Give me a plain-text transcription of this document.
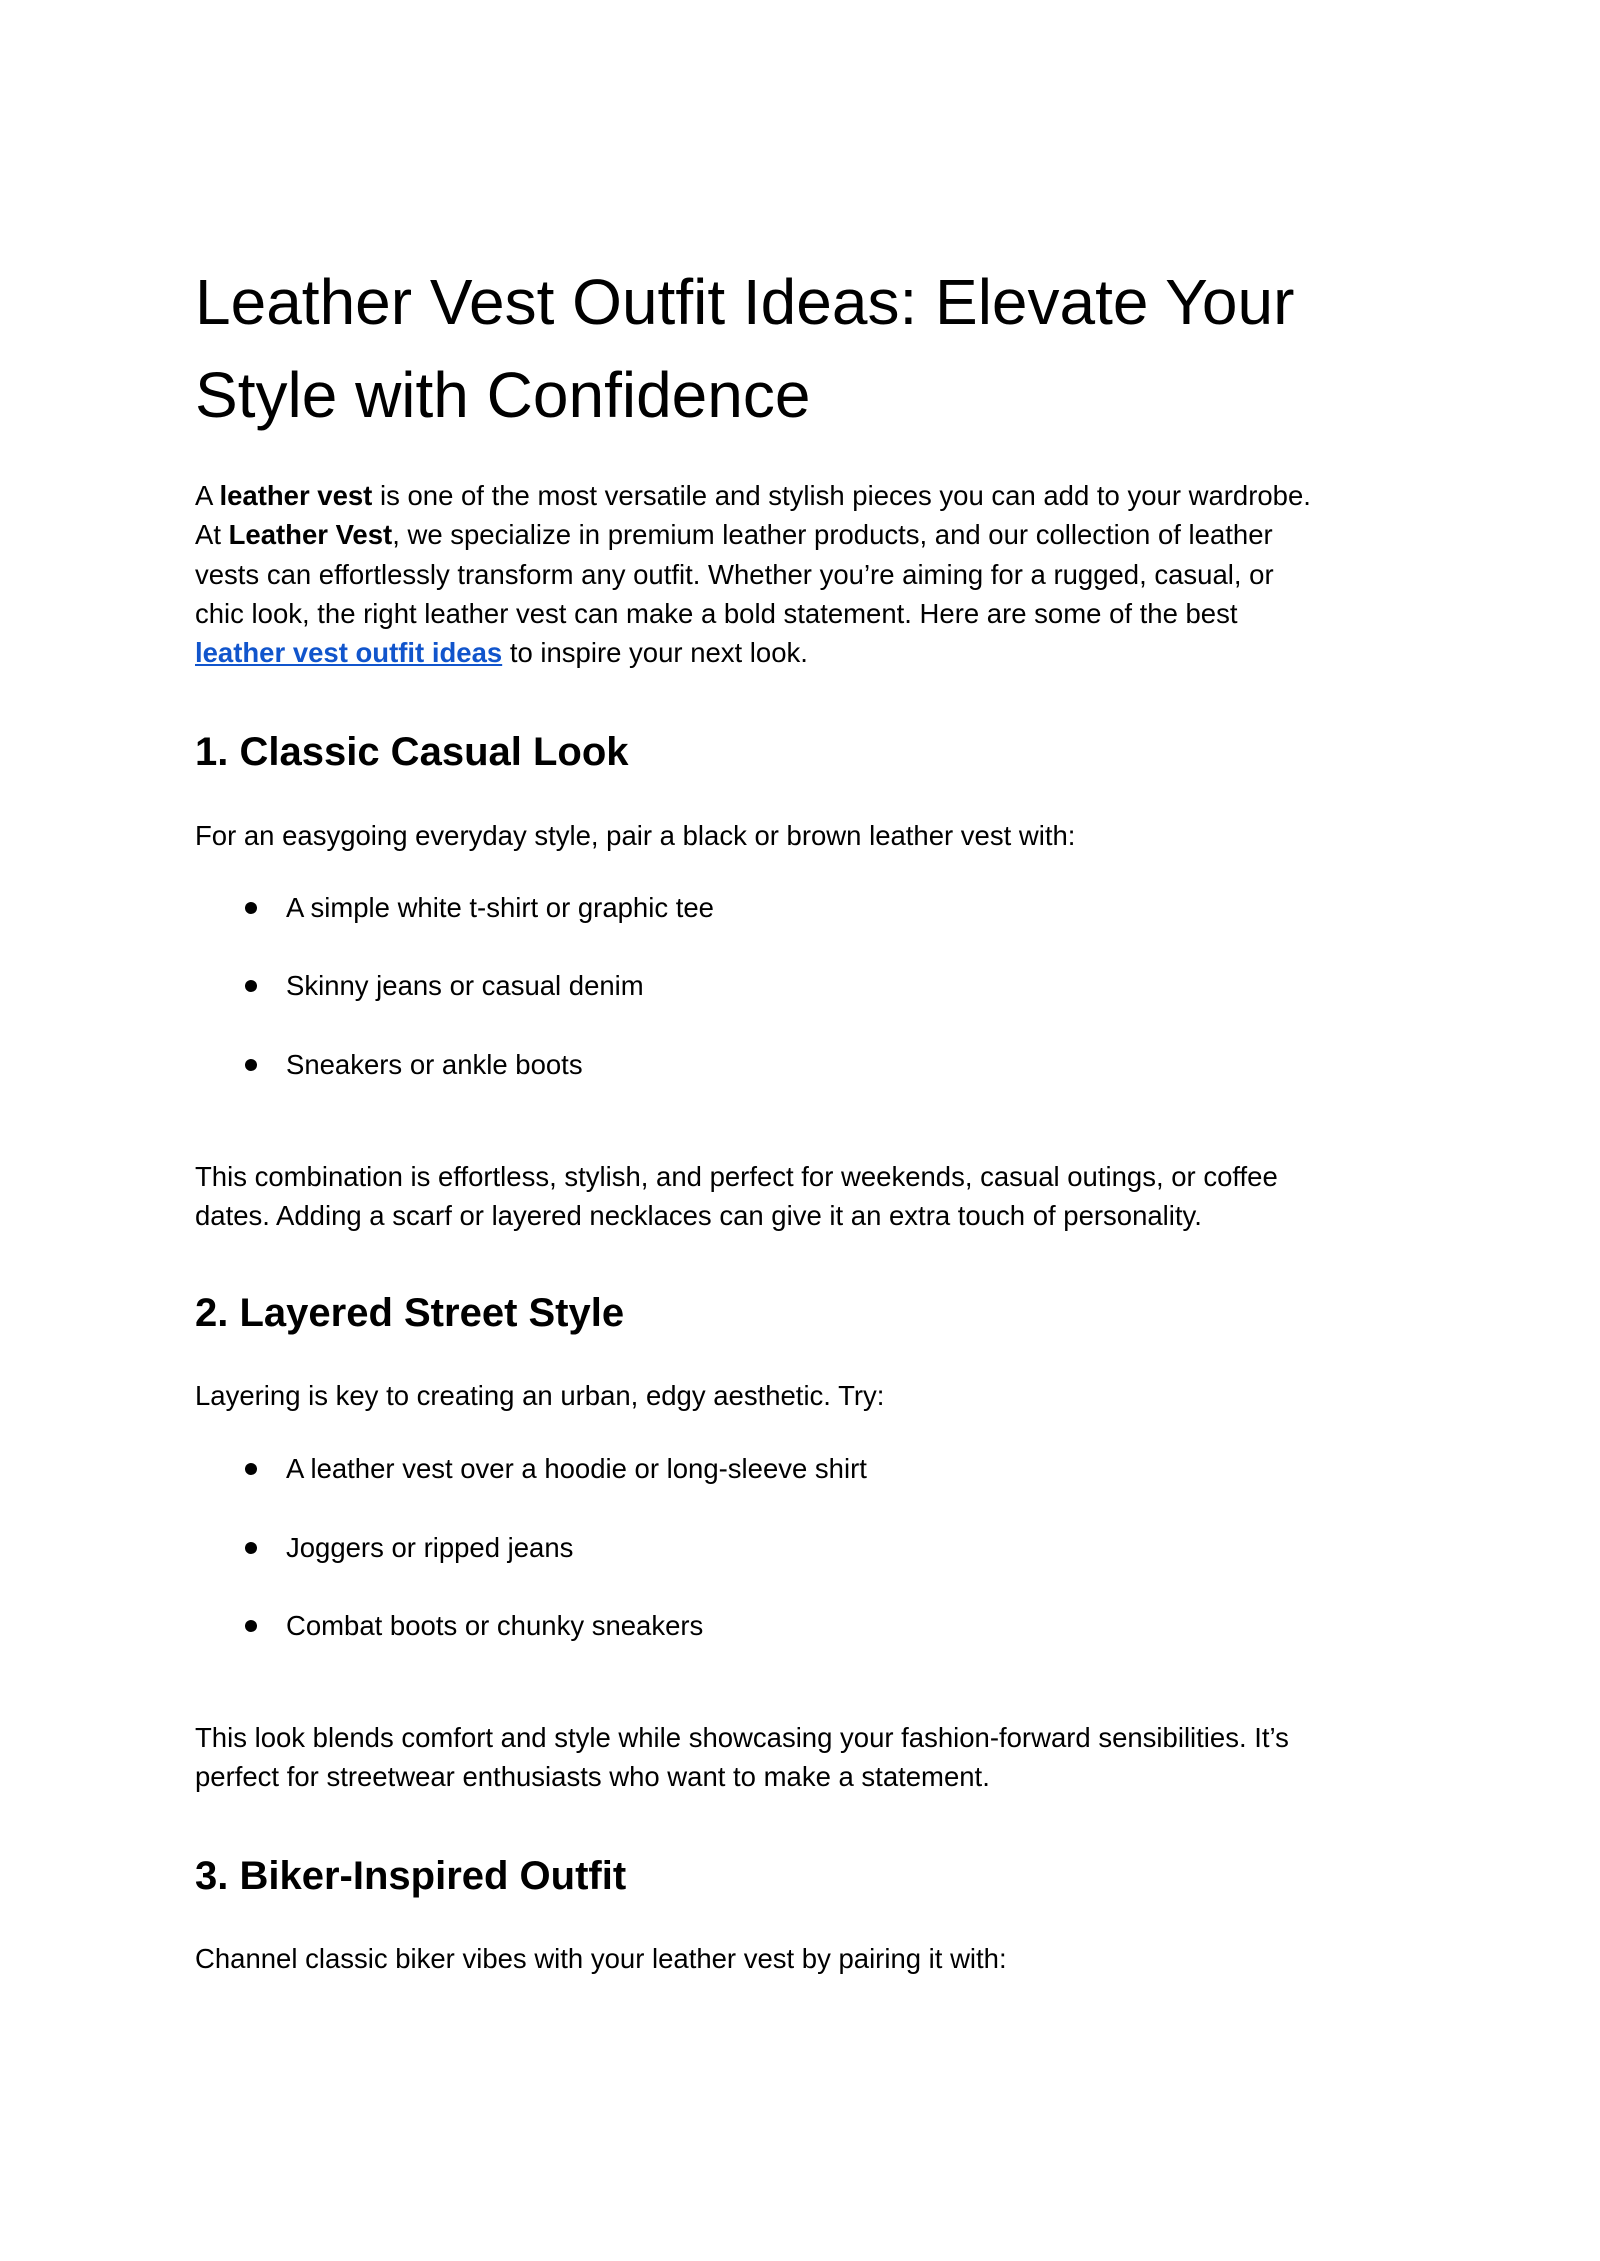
Leather Vest Outfit Ideas: Elevate Your
Style with Confidence
A leather vest is one of the most versatile and stylish pieces you can add to your wardrobe.
At Leather Vest, we specialize in premium leather products, and our collection of leather
vests can effortlessly transform any outfit. Whether you’re aiming for a rugged, casual, or
chic look, the right leather vest can make a bold statement. Here are some of the best
leather vest outfit ideas to inspire your next look.
1. Classic Casual Look

For an easygoing everyday style, pair a black or brown leather vest with:

A simple white t-shirt or graphic tee
Skinny jeans or casual denim
Sneakers or ankle boots
This combination is effortless, stylish, and perfect for weekends, casual outings, or coffee
dates. Adding a scarf or layered necklaces can give it an extra touch of personality.
2. Layered Street Style

Layering is key to creating an urban, edgy aesthetic. Try:

A leather vest over a hoodie or long-sleeve shirt
Joggers or ripped jeans
Combat boots or chunky sneakers
This look blends comfort and style while showcasing your fashion-forward sensibilities. It’s
perfect for streetwear enthusiasts who want to make a statement.
3. Biker-Inspired Outfit

Channel classic biker vibes with your leather vest by pairing it with:
